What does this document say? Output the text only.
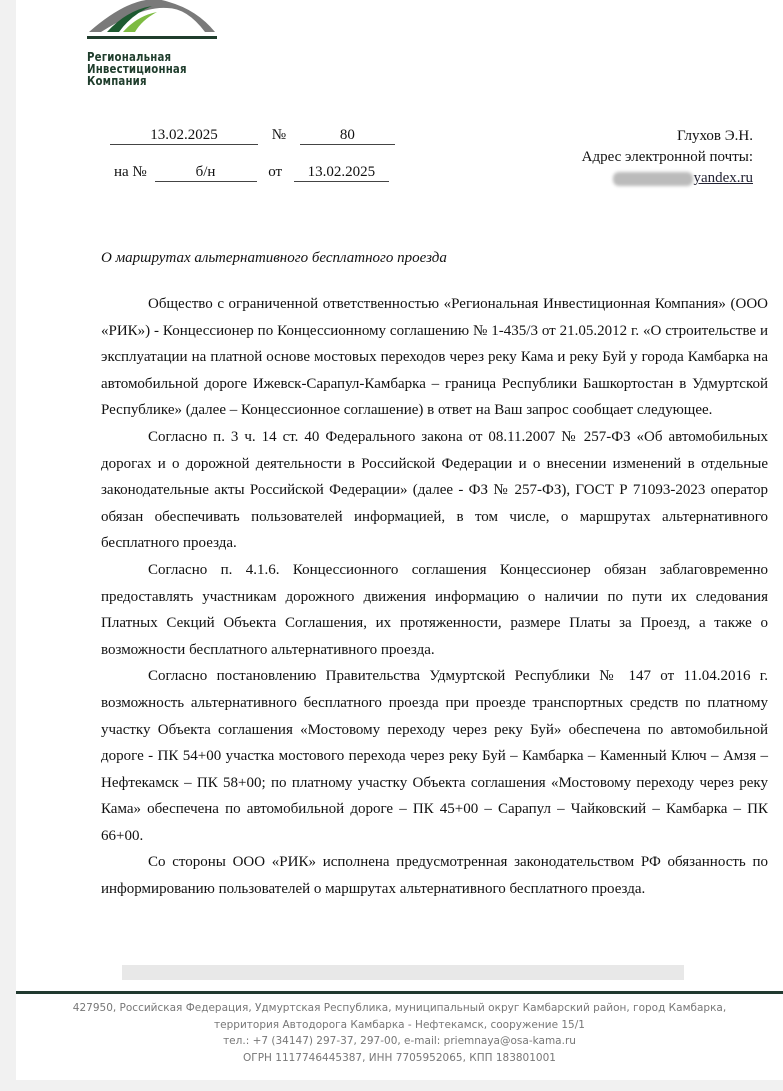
Региональная
Инвестиционная
Компания
13.02.2025	№	80
на №	б/н	от 13.02.2025
Глухов Э.Н.
Адрес электронной почты:
yandex.ru
О маршрутах альтернативного бесплатного проезда

Общество с ограниченной ответственностью «Региональная Инвестиционная Компания» (ООО «РИК») - Концессионер по Концессионному соглашению № 1-435/3 от 21.05.2012 г. «О строительстве и эксплуатации на платной основе мостовых переходов через реку Кама и реку Буй у города Камбарка на автомобильной дороге Ижевск-Сарапул-Камбарка – граница Республики Башкортостан в Удмуртской Республике» (далее – Концессионное соглашение) в ответ на Ваш запрос сообщает следующее.

Согласно п. 3 ч. 14 ст. 40 Федерального закона от 08.11.2007 № 257-ФЗ «Об автомобильных дорогах и о дорожной деятельности в Российской Федерации и о внесении изменений в отдельные законодательные акты Российской Федерации» (далее - ФЗ № 257-ФЗ), ГОСТ Р 71093-2023 оператор обязан обеспечивать пользователей информацией, в том числе, о маршрутах альтернативного бесплатного проезда.

Согласно п. 4.1.6. Концессионного соглашения Концессионер обязан заблаговременно предоставлять участникам дорожного движения информацию о наличии по пути их следования Платных Секций Объекта Соглашения, их протяженности, размере Платы за Проезд, а также о возможности бесплатного альтернативного проезда.

Согласно постановлению Правительства Удмуртской Республики № 147 от 11.04.2016 г. возможность альтернативного бесплатного проезда при проезде транспортных средств по платному участку Объекта соглашения «Мостовому переходу через реку Буй» обеспечена по автомобильной дороге - ПК 54+00 участка мостового перехода через реку Буй – Камбарка – Каменный Ключ – Амзя – Нефтекамск – ПК 58+00; по платному участку Объекта соглашения «Мостовому переходу через реку Кама» обеспечена по автомобильной дороге – ПК 45+00 – Сарапул – Чайковский – Камбарка – ПК 66+00.

Со стороны ООО «РИК» исполнена предусмотренная законодательством РФ обязанность по информированию пользователей о маршрутах альтернативного бесплатного проезда.

427950, Российская Федерация, Удмуртская Республика, муниципальный округ Камбарский район, город Камбарка,
территория Автодорога Камбарка - Нефтекамск, сооружение 15/1
тел.: +7 (34147) 297-37, 297-00, e-mail: priemnaya@osa-kama.ru
ОГРН 1117746445387, ИНН 7705952065, КПП 183801001
